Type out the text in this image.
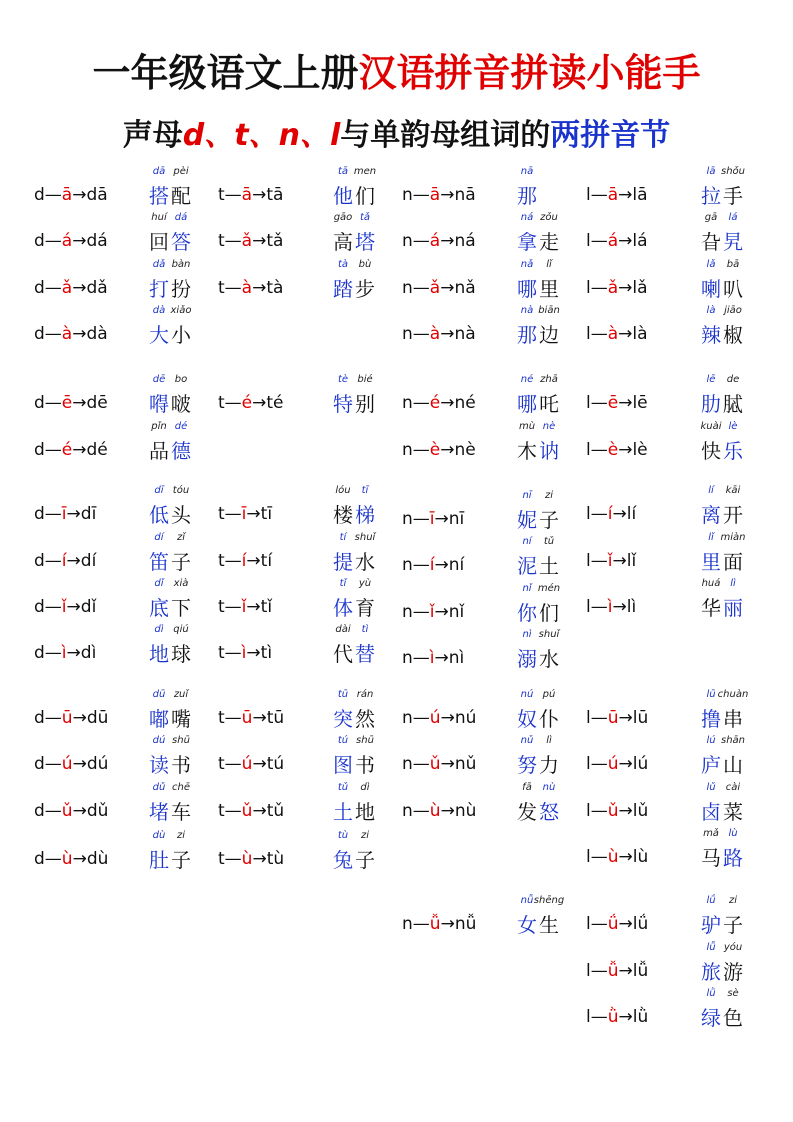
一年级语文上册汉语拼音拼读小能手
声母d、t、n、l与单韵母组词的两拼音节
d—ā→dā
dā
搭
pèi
配
d—á→dá
huí
回
dá
答
d—ǎ→dǎ
dǎ
打
bàn
扮
d—à→dà
dà
大
xiǎo
小
d—ē→dē
dē
嘚
bo
啵
d—é→dé
pǐn
品
dé
德
d—ī→dī
dī
低
tóu
头
d—í→dí
dí
笛
zǐ
子
d—ǐ→dǐ
dǐ
底
xià
下
d—ì→dì
dì
地
qiú
球
d—ū→dū
dū
嘟
zuǐ
嘴
d—ú→dú
dú
读
shū
书
d—ǔ→dǔ
dǔ
堵
chē
车
d—ù→dù
dù
肚
zi
子
t—ā→tā
tā
他
men
们
t—ǎ→tǎ
gāo
高
tǎ
塔
t—à→tà
tà
踏
bù
步
t—é→té
tè
特
bié
别
t—ī→tī
lóu
楼
tī
梯
t—í→tí
tí
提
shuǐ
水
t—ǐ→tǐ
tǐ
体
yù
育
t—ì→tì
dài
代
tì
替
t—ū→tū
tū
突
rán
然
t—ú→tú
tú
图
shū
书
t—ǔ→tǔ
tǔ
土
dì
地
t—ù→tù
tù
兔
zi
子
n—ā→nā
nā
那
n—á→ná
ná
拿
zǒu
走
n—ǎ→nǎ
nǎ
哪
lǐ
里
n—à→nà
nà
那
biān
边
n—é→né
né
哪
zhā
吒
n—è→nè
mù
木
nè
讷
n—ī→nī
nī
妮
zi
子
n—í→ní
ní
泥
tǔ
土
n—ǐ→nǐ
nǐ
你
mén
们
n—ì→nì
nì
溺
shuǐ
水
n—ú→nú
nú
奴
pú
仆
n—ǔ→nǔ
nǔ
努
lì
力
n—ù→nù
fā
发
nù
怒
n—ǚ→nǚ
nǚ
女
shēng
生
l—ā→lā
lā
拉
shǒu
手
l—á→lá
gā
旮
lá
旯
l—ǎ→lǎ
lǎ
喇
bā
叭
l—à→là
là
辣
jiāo
椒
l—ē→lē
lē
肋
de
脦
l—è→lè
kuài
快
lè
乐
l—í→lí
lí
离
kāi
开
l—ǐ→lǐ
lǐ
里
miàn
面
l—ì→lì
huá
华
lì
丽
l—ū→lū
lū
撸
chuàn
串
l—ú→lú
lú
庐
shān
山
l—ǔ→lǔ
lǔ
卤
cài
菜
l—ù→lù
mǎ
马
lù
路
l—ǘ→lǘ
lǘ
驴
zi
子
l—ǚ→lǚ
lǚ
旅
yóu
游
l—ǜ→lǜ
lǜ
绿
sè
色
